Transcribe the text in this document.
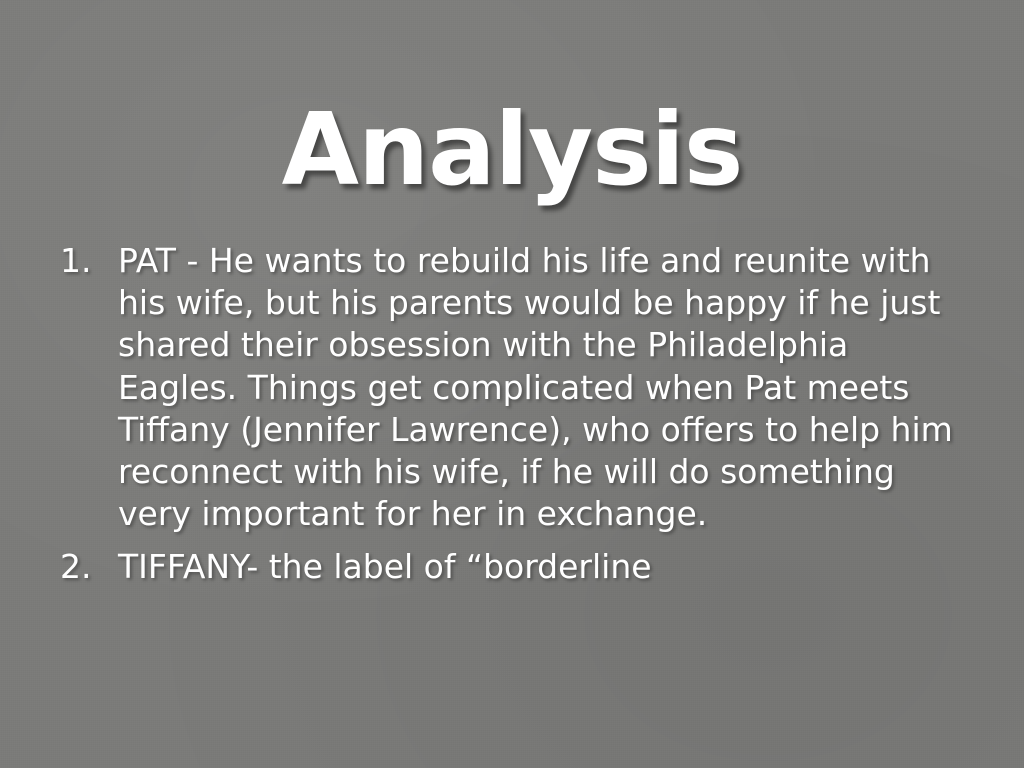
Analysis
1. PAT - He wants to rebuild his life and reunite with his wife, but his parents would be happy if he just shared their obsession with the Philadelphia Eagles. Things get complicated when Pat meets Tiffany (Jennifer Lawrence), who offers to help him reconnect with his wife, if he will do something very important for her in exchange.
2. TIFFANY- the label of “borderline
